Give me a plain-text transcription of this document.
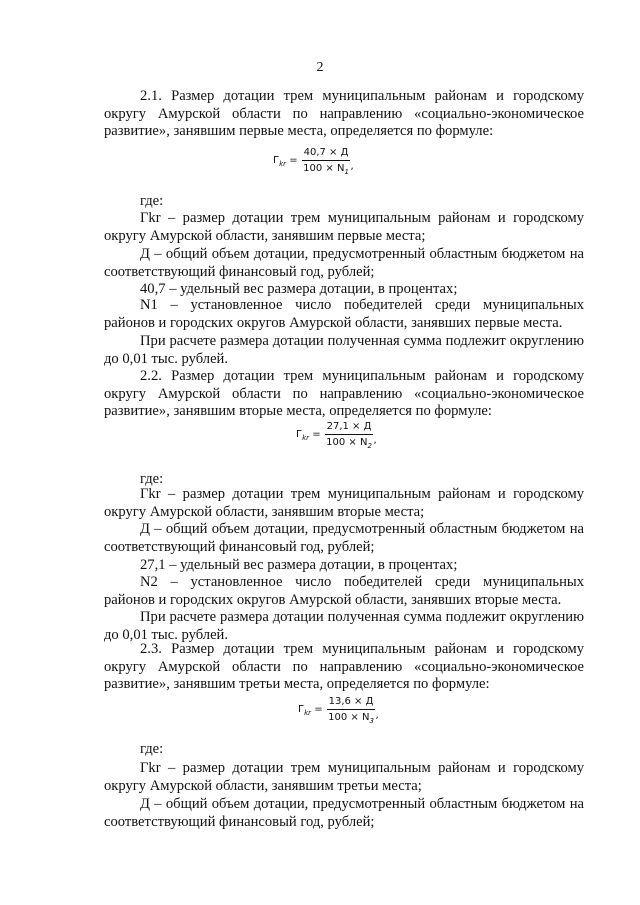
2
2.1. Размер дотации трем муниципальным районам и городскому округу Амурской области по направлению «социально-экономическое развитие», занявшим первые места, определяется по формуле:
$Г_{kr} = \frac{40,7 \times Д}{100 \times N_1}$ ,
где:
Гkr – размер дотации трем муниципальным районам и городскому округу Амурской области, занявшим первые места;
Д – общий объем дотации, предусмотренный областным бюджетом на соответствующий финансовый год, рублей;
40,7 – удельный вес размера дотации, в процентах;
N1 – установленное число победителей среди муниципальных районов и городских округов Амурской области, занявших первые места.
При расчете размера дотации полученная сумма подлежит округлению до 0,01 тыс. рублей.
2.2. Размер дотации трем муниципальным районам и городскому округу Амурской области по направлению «социально-экономическое развитие», занявшим вторые места, определяется по формуле:
$Г_{kr} = \frac{27,1 \times Д}{100 \times N_2}$ ,
где:
Гkr – размер дотации трем муниципальным районам и городскому округу Амурской области, занявшим вторые места;
Д – общий объем дотации, предусмотренный областным бюджетом на соответствующий финансовый год, рублей;
27,1 – удельный вес размера дотации, в процентах;
N2 – установленное число победителей среди муниципальных районов и городских округов Амурской области, занявших вторые места.
При расчете размера дотации полученная сумма подлежит округлению до 0,01 тыс. рублей.
2.3. Размер дотации трем муниципальным районам и городскому округу Амурской области по направлению «социально-экономическое развитие», занявшим третьи места, определяется по формуле:
$Г_{kr} = \frac{13,6 \times Д}{100 \times N_3}$ ,
где:
Гkr – размер дотации трем муниципальным районам и городскому округу Амурской области, занявшим третьи места;
Д – общий объем дотации, предусмотренный областным бюджетом на соответствующий финансовый год, рублей;
